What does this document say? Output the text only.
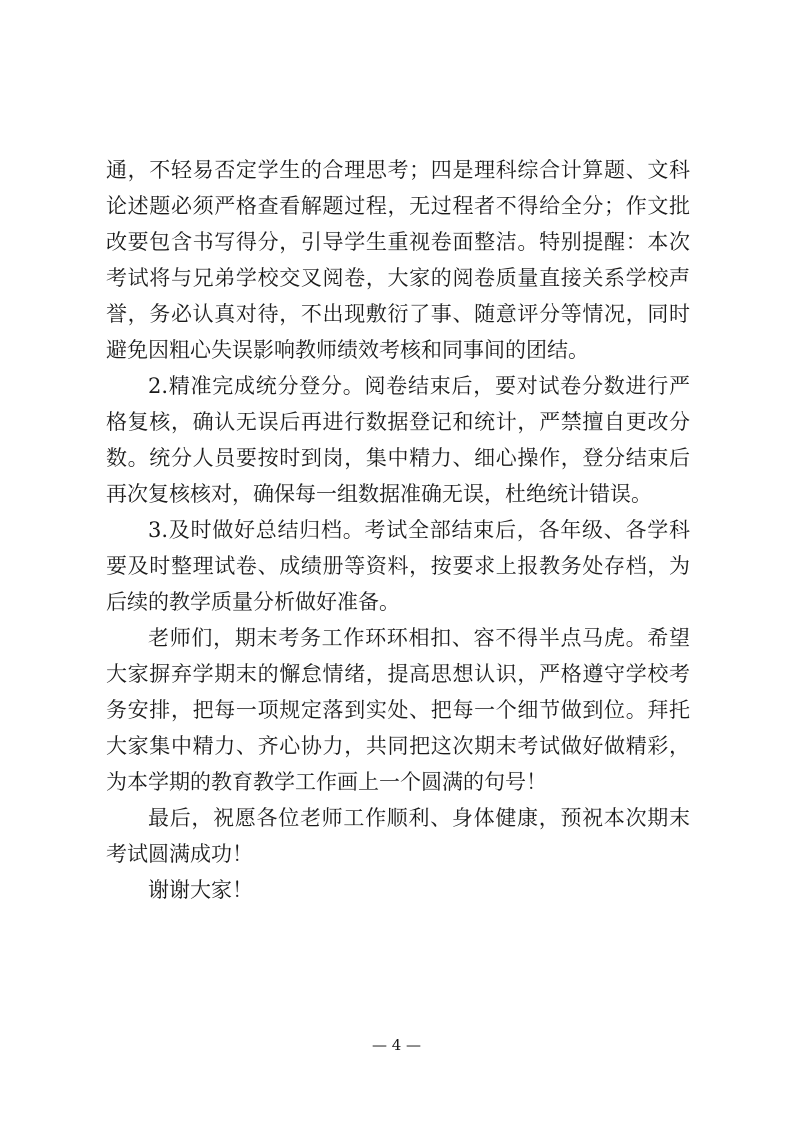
通，不轻易否定学生的合理思考；四是理科综合计算题、文科论述题必须严格查看解题过程，无过程者不得给全分；作文批改要包含书写得分，引导学生重视卷面整洁。特别提醒：本次考试将与兄弟学校交叉阅卷，大家的阅卷质量直接关系学校声誉，务必认真对待，不出现敷衍了事、随意评分等情况，同时避免因粗心失误影响教师绩效考核和同事间的团结。

2.精准完成统分登分。阅卷结束后，要对试卷分数进行严格复核，确认无误后再进行数据登记和统计，严禁擅自更改分数。统分人员要按时到岗，集中精力、细心操作，登分结束后再次复核核对，确保每一组数据准确无误，杜绝统计错误。

3.及时做好总结归档。考试全部结束后，各年级、各学科要及时整理试卷、成绩册等资料，按要求上报教务处存档，为后续的教学质量分析做好准备。

老师们，期末考务工作环环相扣、容不得半点马虎。希望大家摒弃学期末的懈怠情绪，提高思想认识，严格遵守学校考务安排，把每一项规定落到实处、把每一个细节做到位。拜托大家集中精力、齐心协力，共同把这次期末考试做好做精彩，为本学期的教育教学工作画上一个圆满的句号！

最后，祝愿各位老师工作顺利、身体健康，预祝本次期末考试圆满成功！

谢谢大家！

— 4 —
